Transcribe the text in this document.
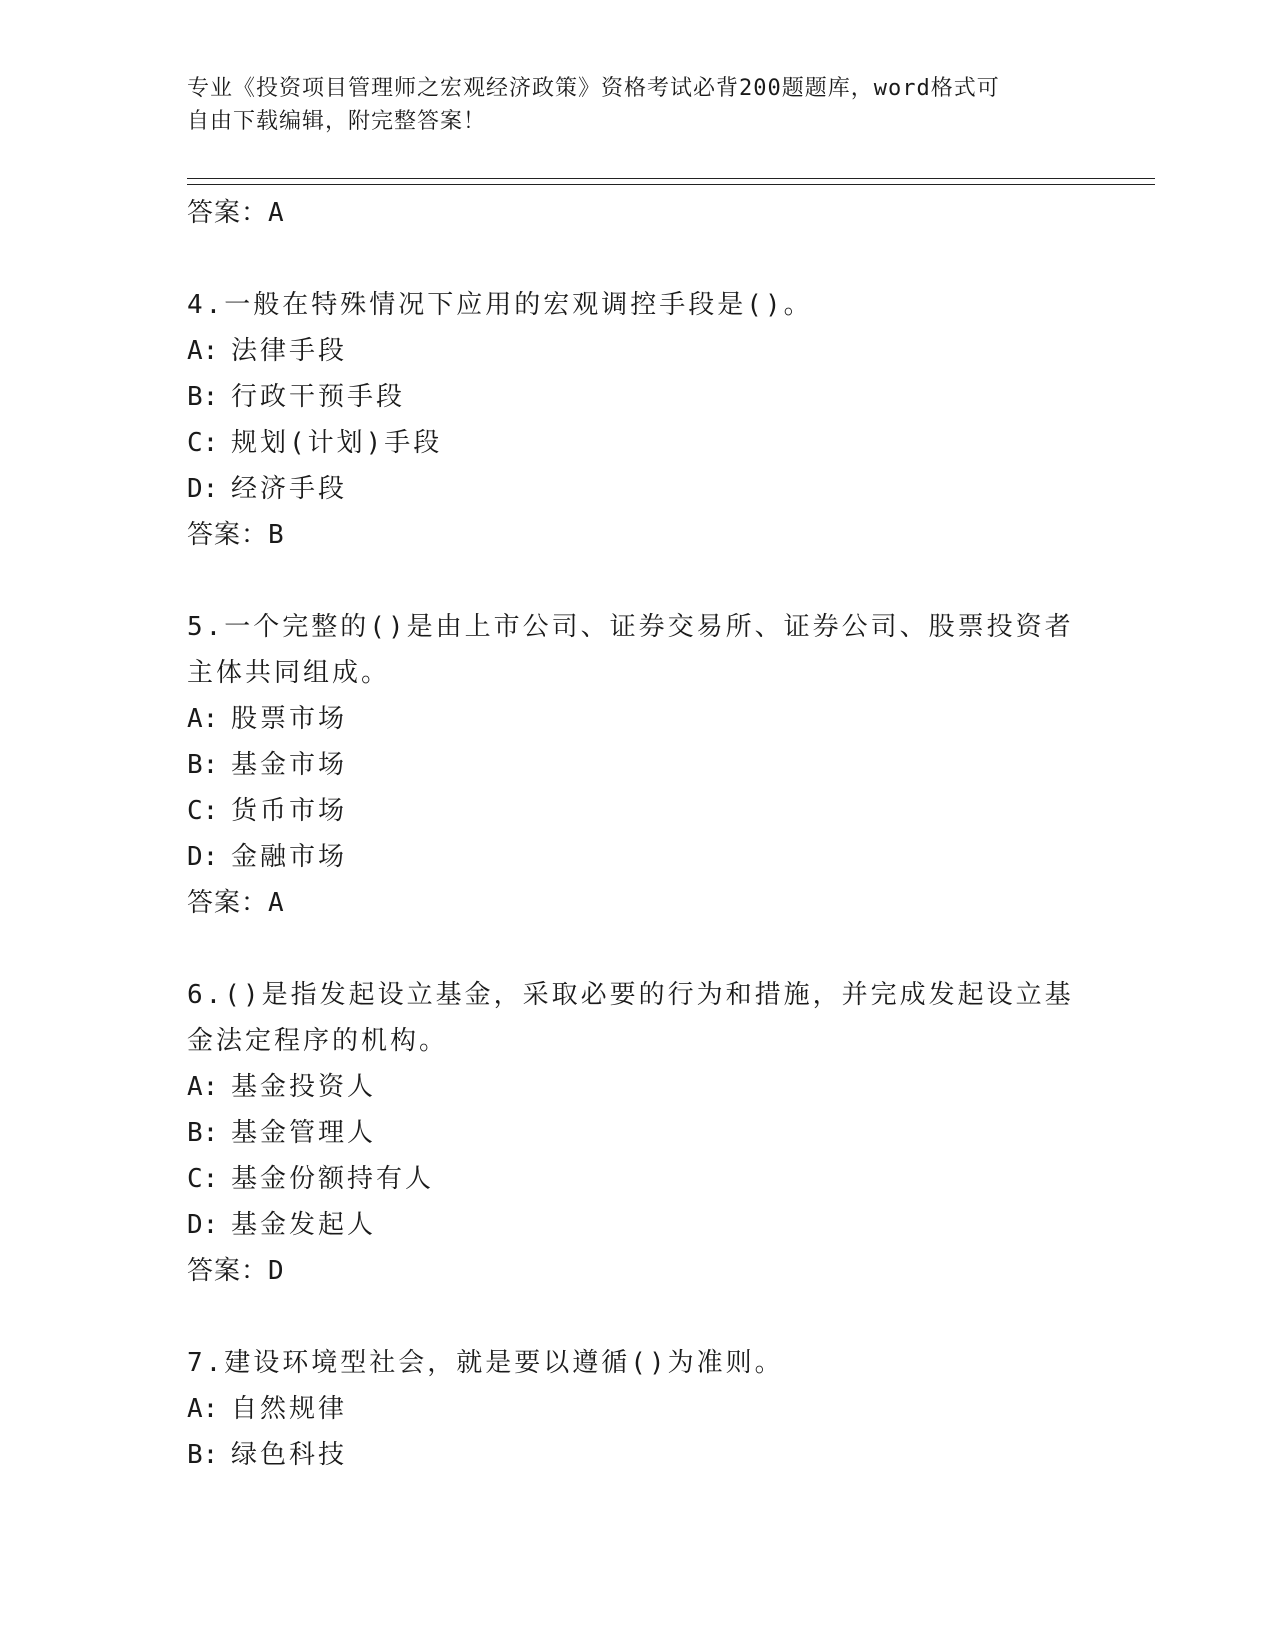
专业《投资项目管理师之宏观经济政策》资格考试必背200题题库，word格式可
自由下载编辑，附完整答案！
答案：A
4.一般在特殊情况下应用的宏观调控手段是()。
A: 法律手段
B: 行政干预手段
C: 规划(计划)手段
D: 经济手段
答案：B
5.一个完整的()是由上市公司、证券交易所、证券公司、股票投资者主体共同组成。
A: 股票市场
B: 基金市场
C: 货币市场
D: 金融市场
答案：A
6.()是指发起设立基金，采取必要的行为和措施，并完成发起设立基金法定程序的机构。
A: 基金投资人
B: 基金管理人
C: 基金份额持有人
D: 基金发起人
答案：D
7.建设环境型社会，就是要以遵循()为准则。
A: 自然规律
B: 绿色科技
